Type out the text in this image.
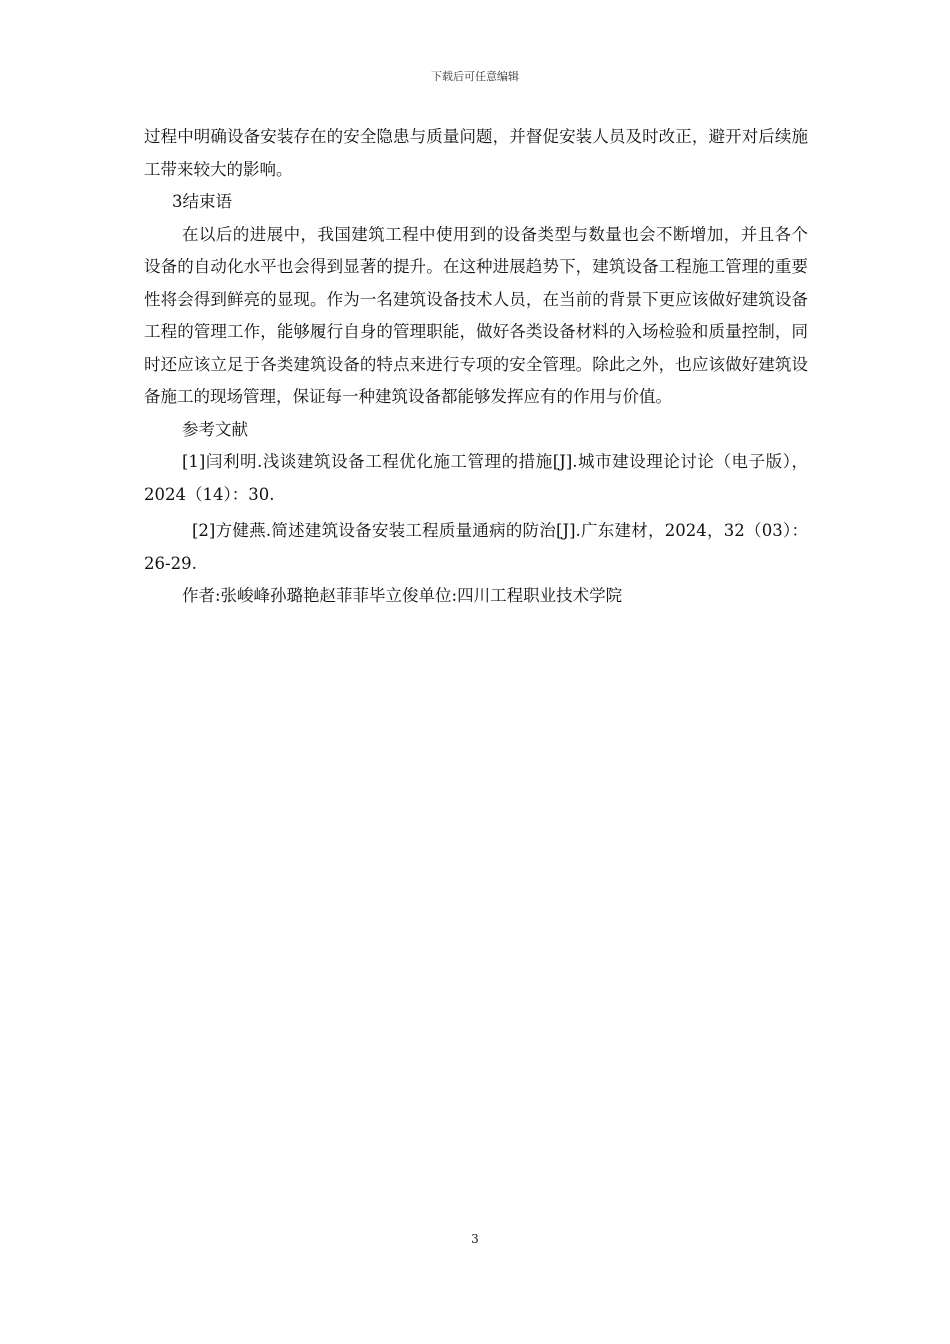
下载后可任意编辑

过程中明确设备安装存在的安全隐患与质量问题，并督促安装人员及时改正，避开对后续施工带来较大的影响。

3结束语

在以后的进展中，我国建筑工程中使用到的设备类型与数量也会不断增加，并且各个设备的自动化水平也会得到显著的提升。在这种进展趋势下，建筑设备工程施工管理的重要性将会得到鲜亮的显现。作为一名建筑设备技术人员，在当前的背景下更应该做好建筑设备工程的管理工作，能够履行自身的管理职能，做好各类设备材料的入场检验和质量控制，同时还应该立足于各类建筑设备的特点来进行专项的安全管理。除此之外，也应该做好建筑设备施工的现场管理，保证每一种建筑设备都能够发挥应有的作用与价值。

参考文献

[1]闫利明.浅谈建筑设备工程优化施工管理的措施[J].城市建设理论讨论（电子版），2024（14）：30.

[2]方健燕.简述建筑设备安装工程质量通病的防治[J].广东建材，2024，32（03）：26-29.

作者:张峻峰孙璐艳赵菲菲毕立俊单位:四川工程职业技术学院

3
